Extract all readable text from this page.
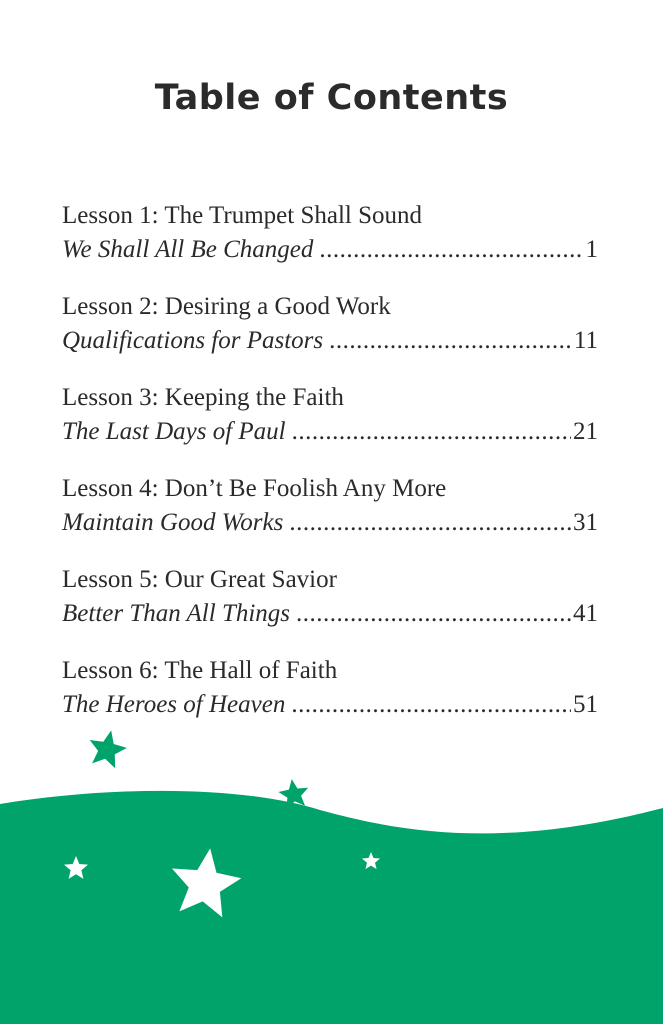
Table of Contents
Lesson 1: The Trumpet Shall Sound
We Shall All Be Changed .....	1
Lesson 2: Desiring a Good Work
Qualifications for Pastors .....	11
Lesson 3: Keeping the Faith
The Last Days of Paul .....	21
Lesson 4: Don’t Be Foolish Any More
Maintain Good Works .....	31
Lesson 5: Our Great Savior
Better Than All Things .....	41
Lesson 6: The Hall of Faith
The Heroes of Heaven .....	51
